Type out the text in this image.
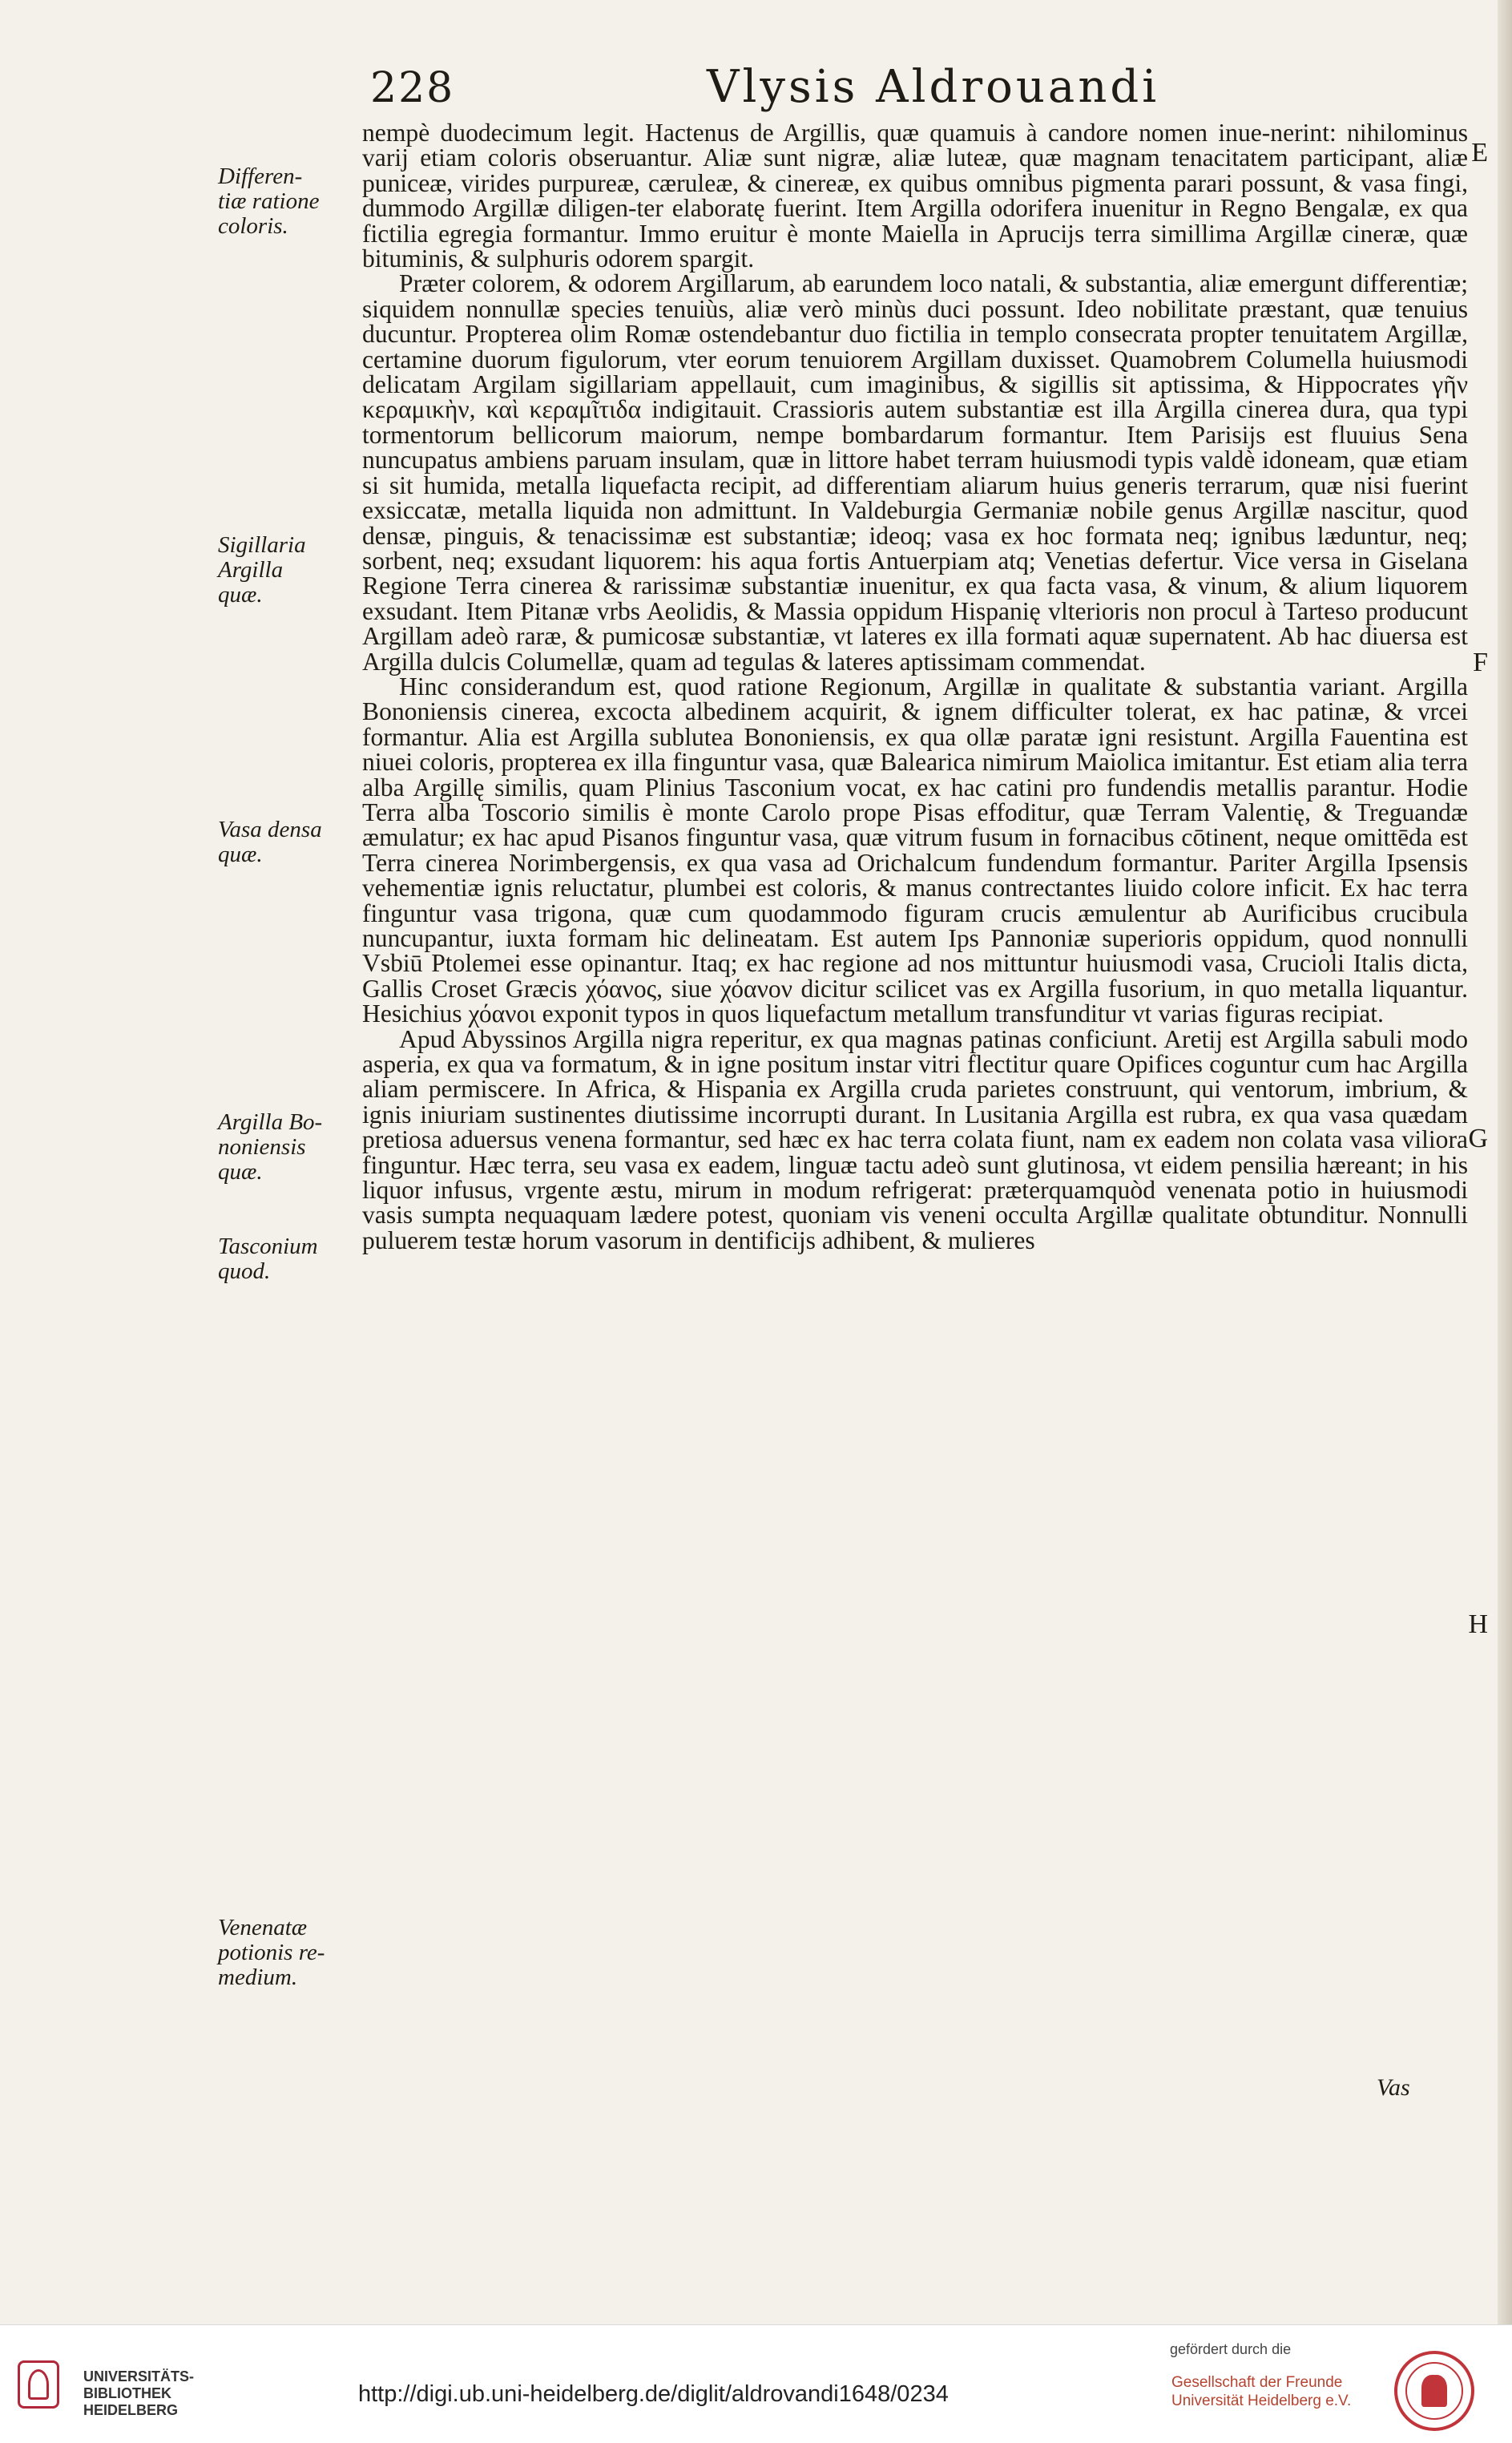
228	Vlysis Aldrouandi
Differen-
tiæ ratione
coloris.
Sigillaria
Argilla
quæ.
Vasa densa
quæ.
Argilla Bo-
noniensis
quæ.
Tasconium
quod.
Venenatæ
potionis re-
medium.

nempè duodecimum legit. Hactenus de Argillis, quæ quamuis à candore nomen inue-nerint: nihilominus varij etiam coloris obseruantur. Aliæ sunt nigræ, aliæ luteæ, quæ magnam tenacitatem participant, aliæ puniceæ, virides purpureæ, cæruleæ, & cinereæ, ex quibus omnibus pigmenta parari possunt, & vasa fingi, dummodo Argillæ diligen-ter elaboratę fuerint. Item Argilla odorifera inuenitur in Regno Bengalæ, ex qua fictilia egregia formantur. Immo eruitur è monte Maiella in Aprucijs terra simillima Argillæ cineræ, quæ bituminis, & sulphuris odorem spargit.

Præter colorem, & odorem Argillarum, ab earundem loco natali, & substantia, aliæ emergunt differentiæ; siquidem nonnullæ species tenuiùs, aliæ verò minùs duci possunt. Ideo nobilitate præstant, quæ tenuius ducuntur. Propterea olim Romæ ostendebantur duo fictilia in templo consecrata propter tenuitatem Argillæ, certamine duorum figulorum, vter eorum tenuiorem Argillam duxisset. Quamobrem Columella huiusmodi delicatam Argilam sigillariam appellauit, cum imaginibus, & sigillis sit aptissima, & Hippocrates γῆν κεραμικὴν, καὶ κεραμῖτιδα indigitauit. Crassioris autem substantiæ est illa Argilla cinerea dura, qua typi tormentorum bellicorum maiorum, nempe bombardarum formantur. Item Parisijs est fluuius Sena nuncupatus ambiens paruam insulam, quæ in littore habet terram huiusmodi typis valdè idoneam, quæ etiam si sit humida, metalla liquefacta recipit, ad differentiam aliarum huius generis terrarum, quæ nisi fuerint exsiccatæ, metalla liquida non admittunt. In Valdeburgia Germaniæ nobile genus Argillæ nascitur, quod densæ, pinguis, & tenacissimæ est substantiæ; ideoq; vasa ex hoc formata neq; ignibus læduntur, neq; sorbent, neq; exsudant liquorem: his aqua fortis Antuerpiam atq; Venetias defertur. Vice versa in Giselana Regione Terra cinerea & rarissimæ substantiæ inuenitur, ex qua facta vasa, & vinum, & alium liquorem exsudant. Item Pitanæ vrbs Aeolidis, & Massia oppidum Hispanię vlterioris non procul à Tarteso producunt Argillam adeò raræ, & pumicosæ substantiæ, vt lateres ex illa formati aquæ supernatent. Ab hac diuersa est Argilla dulcis Columellæ, quam ad tegulas & lateres aptissimam commendat.

Hinc considerandum est, quod ratione Regionum, Argillæ in qualitate & substantia variant. Argilla Bononiensis cinerea, excocta albedinem acquirit, & ignem difficulter tolerat, ex hac patinæ, & vrcei formantur. Alia est Argilla sublutea Bononiensis, ex qua ollæ paratæ igni resistunt. Argilla Fauentina est niuei coloris, propterea ex illa finguntur vasa, quæ Balearica nimirum Maiolica imitantur. Est etiam alia terra alba Argillę similis, quam Plinius Tasconium vocat, ex hac catini pro fundendis metallis parantur. Hodie Terra alba Toscorio similis è monte Carolo prope Pisas effoditur, quæ Terram Valentię, & Treguandæ æmulatur; ex hac apud Pisanos finguntur vasa, quæ vitrum fusum in fornacibus cōtinent, neque omittēda est Terra cinerea Norimbergensis, ex qua vasa ad Orichalcum fundendum formantur. Pariter Argilla Ipsensis vehementiæ ignis reluctatur, plumbei est coloris, & manus contrectantes liuido colore inficit. Ex hac terra finguntur vasa trigona, quæ cum quodammodo figuram crucis æmulentur ab Aurificibus crucibula nuncupantur, iuxta formam hic delineatam. Est autem Ips Pannoniæ superioris oppidum, quod nonnulli Vsbiū Ptolemei esse opinantur. Itaq; ex hac regione ad nos mittuntur huiusmodi vasa, Crucioli Italis dicta, Gallis Croset Græcis χόανος, siue χόανον dicitur scilicet vas ex Argilla fusorium, in quo metalla liquantur. Hesichius χόανοι exponit typos in quos liquefactum metallum transfunditur vt varias figuras recipiat.

Apud Abyssinos Argilla nigra reperitur, ex qua magnas patinas conficiunt. Aretij est Argilla sabuli modo asperia, ex qua va formatum, & in igne positum instar vitri flectitur quare Opifices coguntur cum hac Argilla aliam permiscere. In Africa, & Hispania ex Argilla cruda parietes construunt, qui ventorum, imbrium, & ignis iniuriam sustinentes diutissime incorrupti durant. In Lusitania Argilla est rubra, ex qua vasa quædam pretiosa aduersus venena formantur, sed hæc ex hac terra colata fiunt, nam ex eadem non colata vasa viliora finguntur. Hæc terra, seu vasa ex eadem, linguæ tactu adeò sunt glutinosa, vt eidem pensilia hæreant; in his liquor infusus, vrgente æstu, mirum in modum refrigerat: præterquamquòd venenata potio in huiusmodi vasis sumpta nequaquam lædere potest, quoniam vis veneni occulta Argillæ qualitate obtunditur. Nonnulli puluerem testæ horum vasorum in dentificijs adhibent, & mulieres

Vas
E
F
G
H
UNIVERSITÄTS-
BIBLIOTHEK
HEIDELBERG
http://digi.ub.uni-heidelberg.de/diglit/aldrovandi1648/0234
gefördert durch die
Gesellschaft der Freunde
Universität Heidelberg e.V.
